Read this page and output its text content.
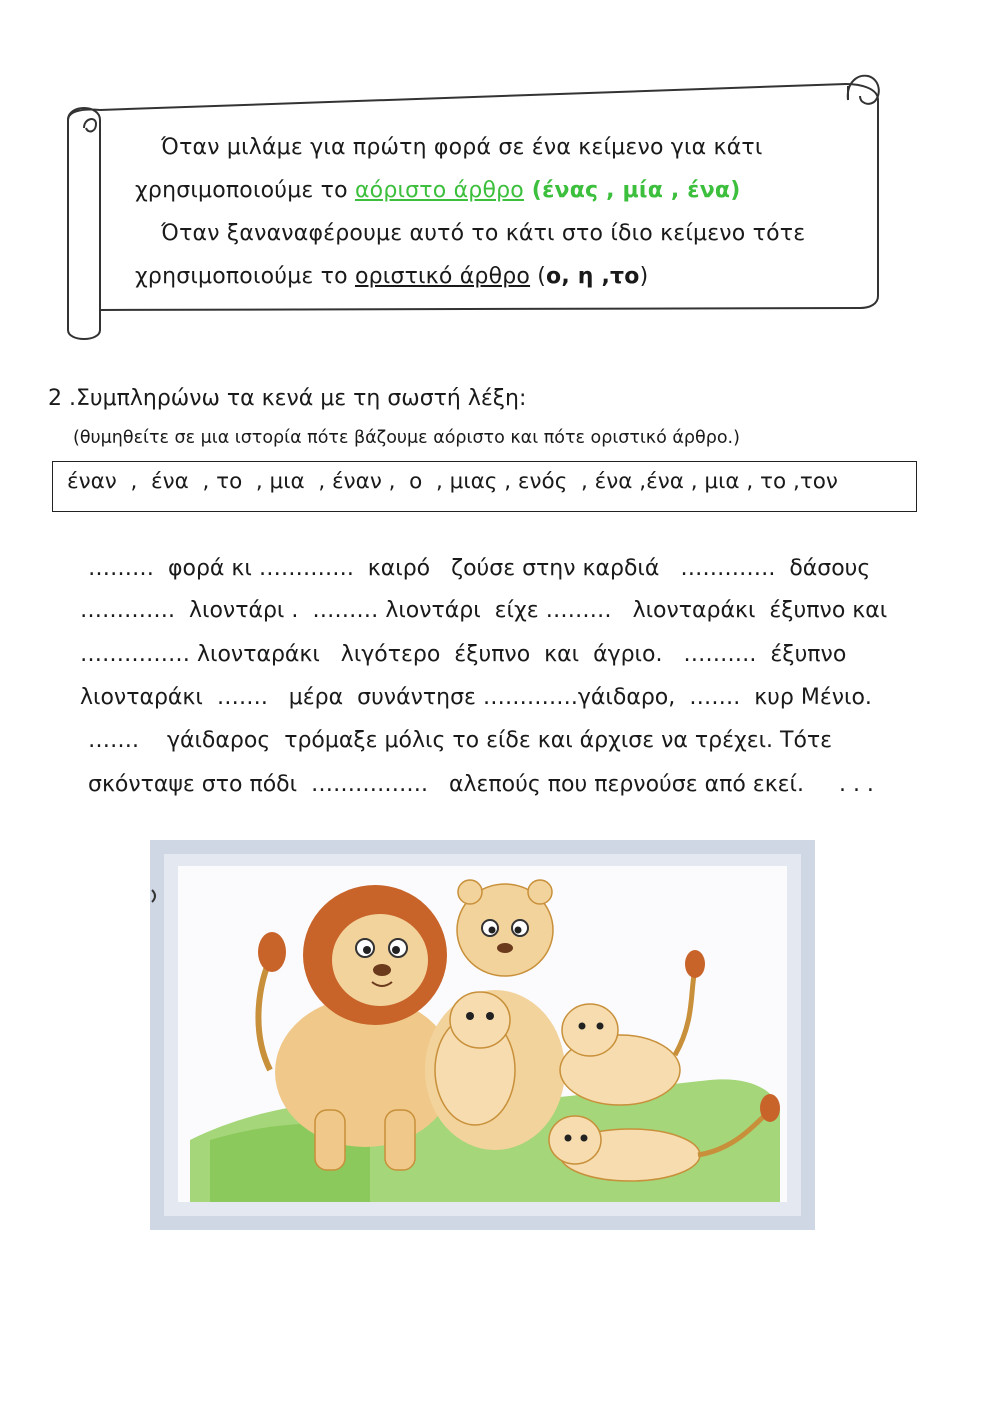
Όταν μιλάμε για πρώτη φορά σε ένα κείμενο για κάτι
χρησιμοποιούμε το αόριστο άρθρο (ένας , μία , ένα)
Όταν ξαναναφέρουμε αυτό το κάτι στο ίδιο κείμενο τότε
χρησιμοποιούμε το οριστικό άρθρο (ο, η ,το)
2 .Συμπληρώνω τα κενά με τη σωστή λέξη:
(θυμηθείτε σε μια ιστορία πότε βάζουμε αόριστο και πότε οριστικό άρθρο.)
έναν  ,  ένα  , το  , μια  , έναν ,  ο  , μιας , ενός  , ένα ,ένα , μια , το ,τον
………  φορά κι ………….  καιρό   ζούσε στην καρδιά   ………….  δάσους
………….  λιοντάρι .  ……… λιοντάρι  είχε ………   λιονταράκι  έξυπνο και
…………… λιονταράκι   λιγότερο  έξυπνο  και  άγριο.   ……….  έξυπνο
λιονταράκι  …….   μέρα  συνάντησε ………….γάιδαρο,  …….  κυρ Μένιο.
…….    γάιδαρος  τρόμαξε μόλις το είδε και άρχισε να τρέχει. Τότε
σκόνταψε στο πόδι  …………….   αλεπούς που περνούσε από εκεί.     . . .
